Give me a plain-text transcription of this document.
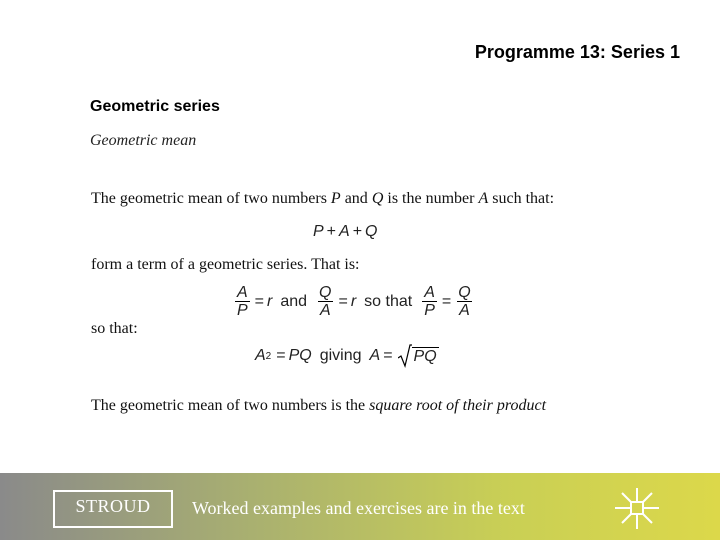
Programme 13: Series 1
Geometric series
Geometric mean
The geometric mean of two numbers P and Q is the number A such that:
P + A + Q
form a term of a geometric series. That is:
$\frac{A}{P} = r$ and $\frac{Q}{A} = r$ so that $\frac{A}{P} = \frac{Q}{A}$
so that:
A 2 = PQ giving A = PQ
The geometric mean of two numbers is the square root of their product
STROUD Worked examples and exercises are in the text
